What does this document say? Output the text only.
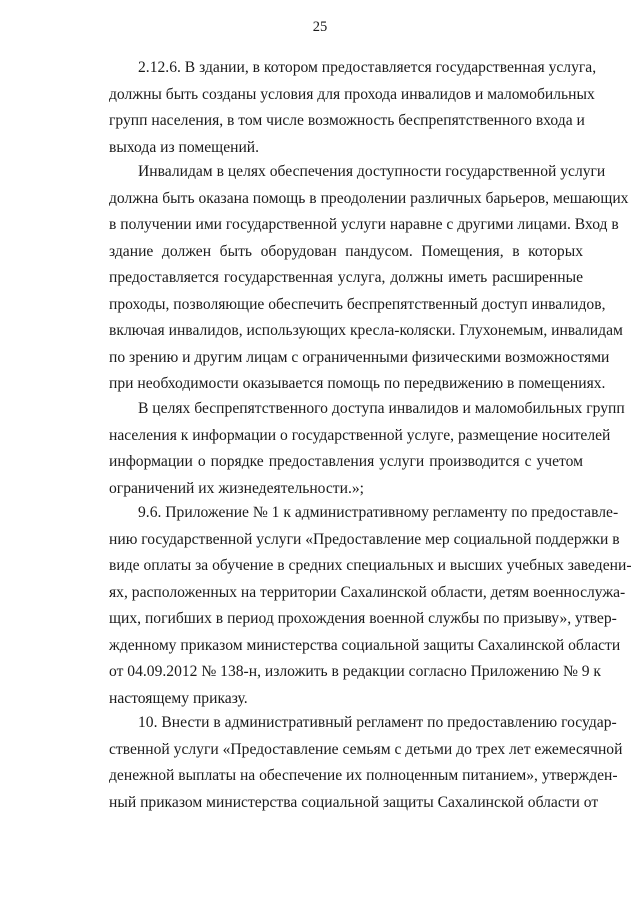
25
2.12.6. В здании, в котором предоставляется государственная услуга,
должны быть созданы условия для прохода инвалидов и маломобильных
групп населения, в том числе возможность беспрепятственного входа и
выхода из помещений.
Инвалидам в целях обеспечения доступности государственной услуги
должна быть оказана помощь в преодолении различных барьеров, мешающих
в получении ими государственной услуги наравне с другими лицами. Вход в
здание должен быть оборудован пандусом. Помещения, в которых
предоставляется государственная услуга, должны иметь расширенные
проходы, позволяющие обеспечить беспрепятственный доступ инвалидов,
включая инвалидов, использующих кресла-коляски. Глухонемым, инвалидам
по зрению и другим лицам с ограниченными физическими возможностями
при необходимости оказывается помощь по передвижению в помещениях.
В целях беспрепятственного доступа инвалидов и маломобильных групп
населения к информации о государственной услуге, размещение носителей
информации о порядке предоставления услуги производится с учетом
ограничений их жизнедеятельности.»;
9.6. Приложение № 1 к административному регламенту по предоставле-
нию государственной услуги «Предоставление мер социальной поддержки в
виде оплаты за обучение в средних специальных и высших учебных заведени-
ях, расположенных на территории Сахалинской области, детям военнослужа-
щих, погибших в период прохождения военной службы по призыву», утвер-
жденному приказом министерства социальной защиты Сахалинской области
от 04.09.2012 № 138-н, изложить в редакции согласно Приложению № 9 к
настоящему приказу.
10. Внести в административный регламент по предоставлению государ-
ственной услуги «Предоставление семьям с детьми до трех лет ежемесячной
денежной выплаты на обеспечение их полноценным питанием», утвержден-
ный приказом министерства социальной защиты Сахалинской области от
